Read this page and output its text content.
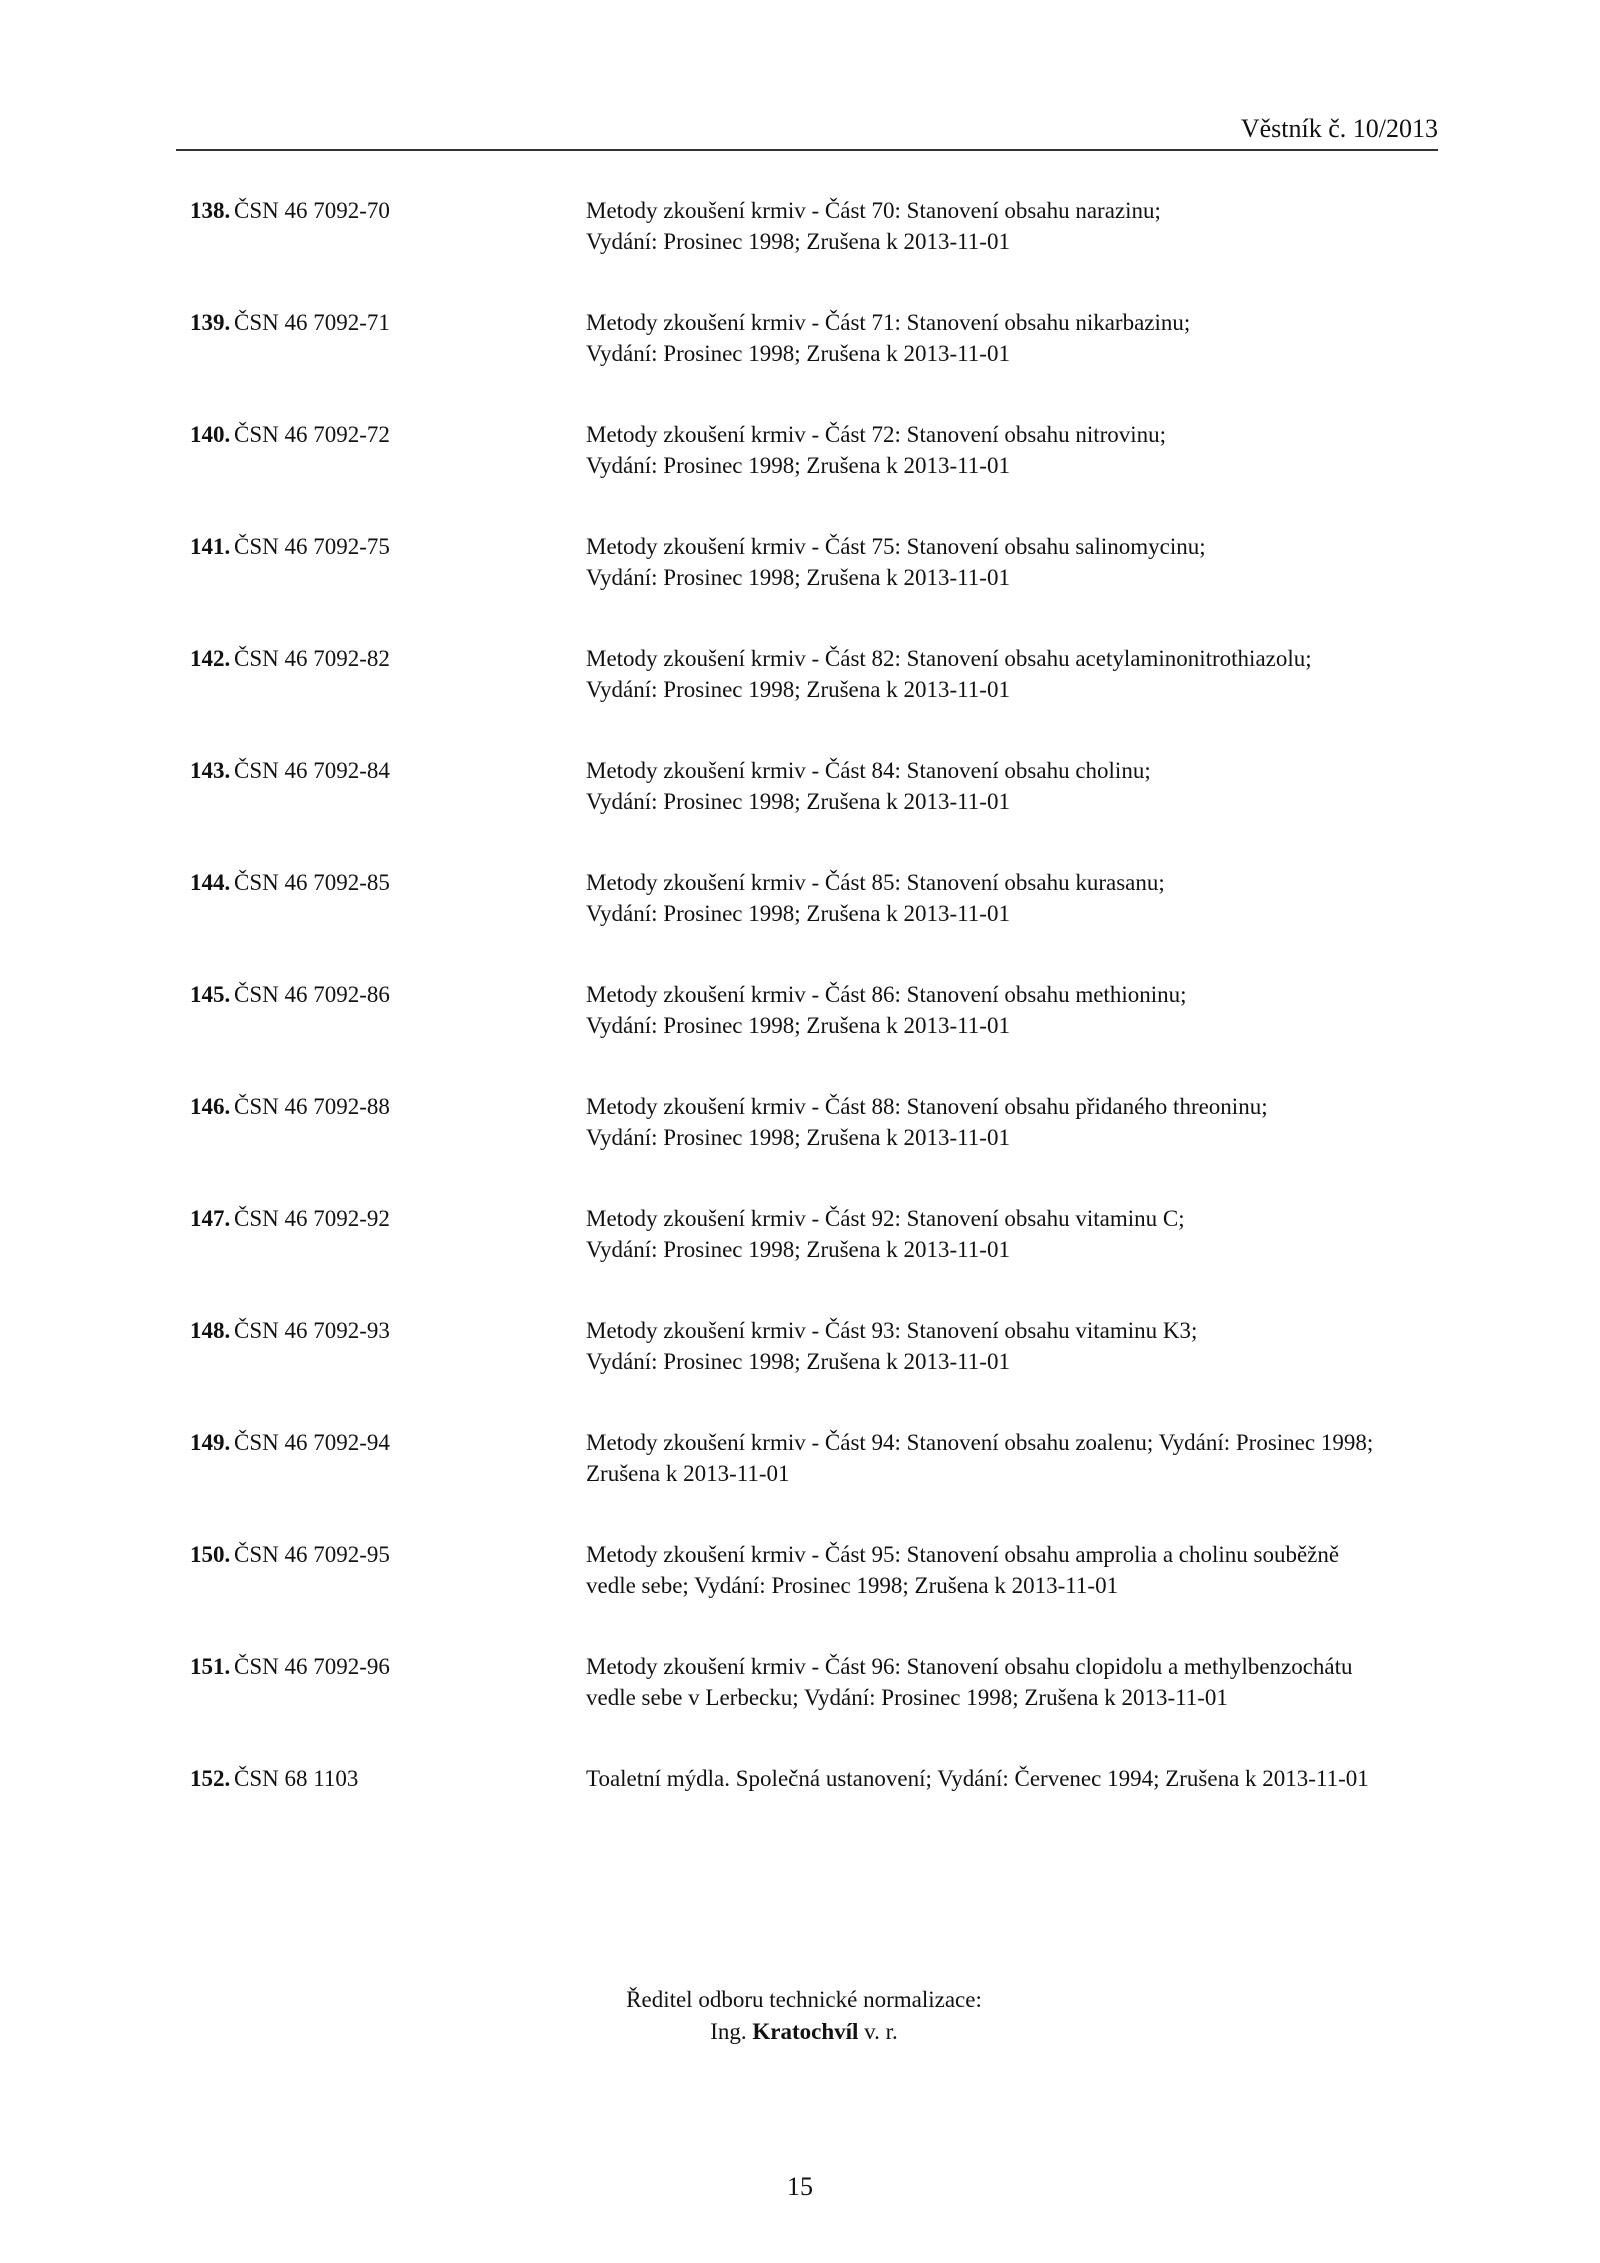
Věstník č. 10/2013
138. ČSN 46 7092-70	Metody zkoušení krmiv - Část 70: Stanovení obsahu narazinu;
Vydání: Prosinec 1998; Zrušena k 2013-11-01
139. ČSN 46 7092-71	Metody zkoušení krmiv - Část 71: Stanovení obsahu nikarbazinu;
Vydání: Prosinec 1998; Zrušena k 2013-11-01
140. ČSN 46 7092-72	Metody zkoušení krmiv - Část 72: Stanovení obsahu nitrovinu;
Vydání: Prosinec 1998; Zrušena k 2013-11-01
141. ČSN 46 7092-75	Metody zkoušení krmiv - Část 75: Stanovení obsahu salinomycinu;
Vydání: Prosinec 1998; Zrušena k 2013-11-01
142. ČSN 46 7092-82	Metody zkoušení krmiv - Část 82: Stanovení obsahu acetylaminonitrothiazolu;
Vydání: Prosinec 1998; Zrušena k 2013-11-01
143. ČSN 46 7092-84	Metody zkoušení krmiv - Část 84: Stanovení obsahu cholinu;
Vydání: Prosinec 1998; Zrušena k 2013-11-01
144. ČSN 46 7092-85	Metody zkoušení krmiv - Část 85: Stanovení obsahu kurasanu;
Vydání: Prosinec 1998; Zrušena k 2013-11-01
145. ČSN 46 7092-86	Metody zkoušení krmiv - Část 86: Stanovení obsahu methioninu;
Vydání: Prosinec 1998; Zrušena k 2013-11-01
146. ČSN 46 7092-88	Metody zkoušení krmiv - Část 88: Stanovení obsahu přidaného threoninu;
Vydání: Prosinec 1998; Zrušena k 2013-11-01
147. ČSN 46 7092-92	Metody zkoušení krmiv - Část 92: Stanovení obsahu vitaminu C;
Vydání: Prosinec 1998; Zrušena k 2013-11-01
148. ČSN 46 7092-93	Metody zkoušení krmiv - Část 93: Stanovení obsahu vitaminu K3;
Vydání: Prosinec 1998; Zrušena k 2013-11-01
149. ČSN 46 7092-94	Metody zkoušení krmiv - Část 94: Stanovení obsahu zoalenu; Vydání: Prosinec 1998;
Zrušena k 2013-11-01
150. ČSN 46 7092-95	Metody zkoušení krmiv - Část 95: Stanovení obsahu amprolia a cholinu souběžně
vedle sebe; Vydání: Prosinec 1998; Zrušena k 2013-11-01
151. ČSN 46 7092-96	Metody zkoušení krmiv - Část 96: Stanovení obsahu clopidolu a methylbenzochátu
vedle sebe v Lerbecku; Vydání: Prosinec 1998; Zrušena k 2013-11-01
152. ČSN 68 1103	Toaletní mýdla. Společná ustanovení; Vydání: Červenec 1994; Zrušena k 2013-11-01
Ředitel odboru technické normalizace:
Ing. Kratochvíl v. r.
15
